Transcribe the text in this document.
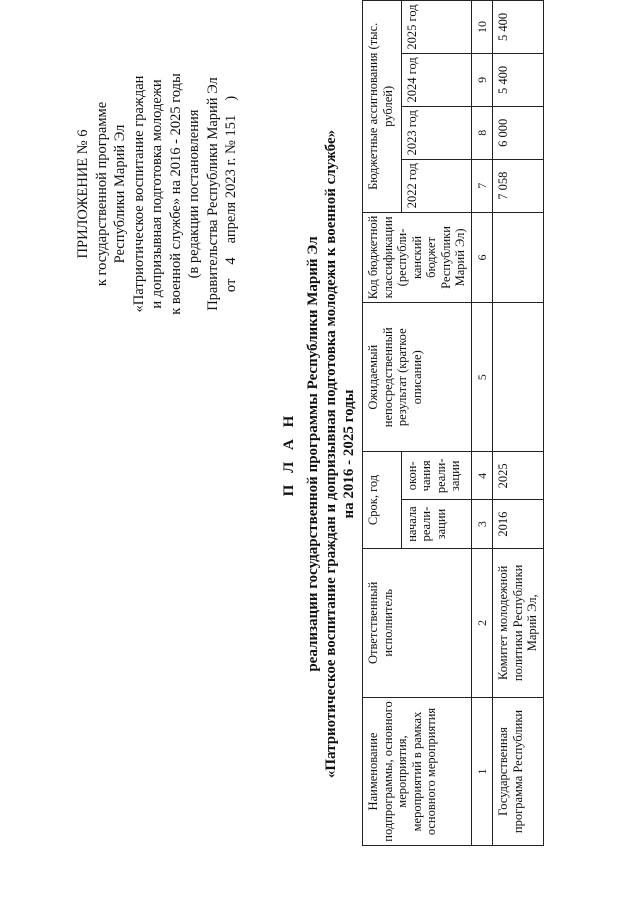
ПРИЛОЖЕНИЕ № 6 к государственной программе Республики Марий Эл «Патриотическое воспитание граждан и допризывная подготовка молодежи к военной службе» на 2016 - 2025 годы (в редакции постановления Правительства Республики Марий Эл от4апреля 2023 г. № 151)
П Л А Н реализации государственной программы Республики Марий Эл «Патриотическое воспитание граждан и допризывная подготовка молодежи к военной службе» на 2016 - 2025 годы
Наименование подпрограммы, основного мероприятия, мероприятий в рамках основного мероприятия	Ответственный исполнитель	Срок, год		Ожидаемый непосредственный результат (краткое описание)	Код бюджетной классификации (республи-канский бюджет Республики Марий Эл)	Бюджетные ассигнования (тыс. рублей)			
		начала реали-зации	окон-чания реали-зации			2022 год	2023 год	2024 год	2025 год
1	2	3	4	5	6	7	8	9	10
Государственная программа Республики	Комитет молодежной политики Республики Марий Эл,	2016	2025			7 058	6 000	5 400	5 400
